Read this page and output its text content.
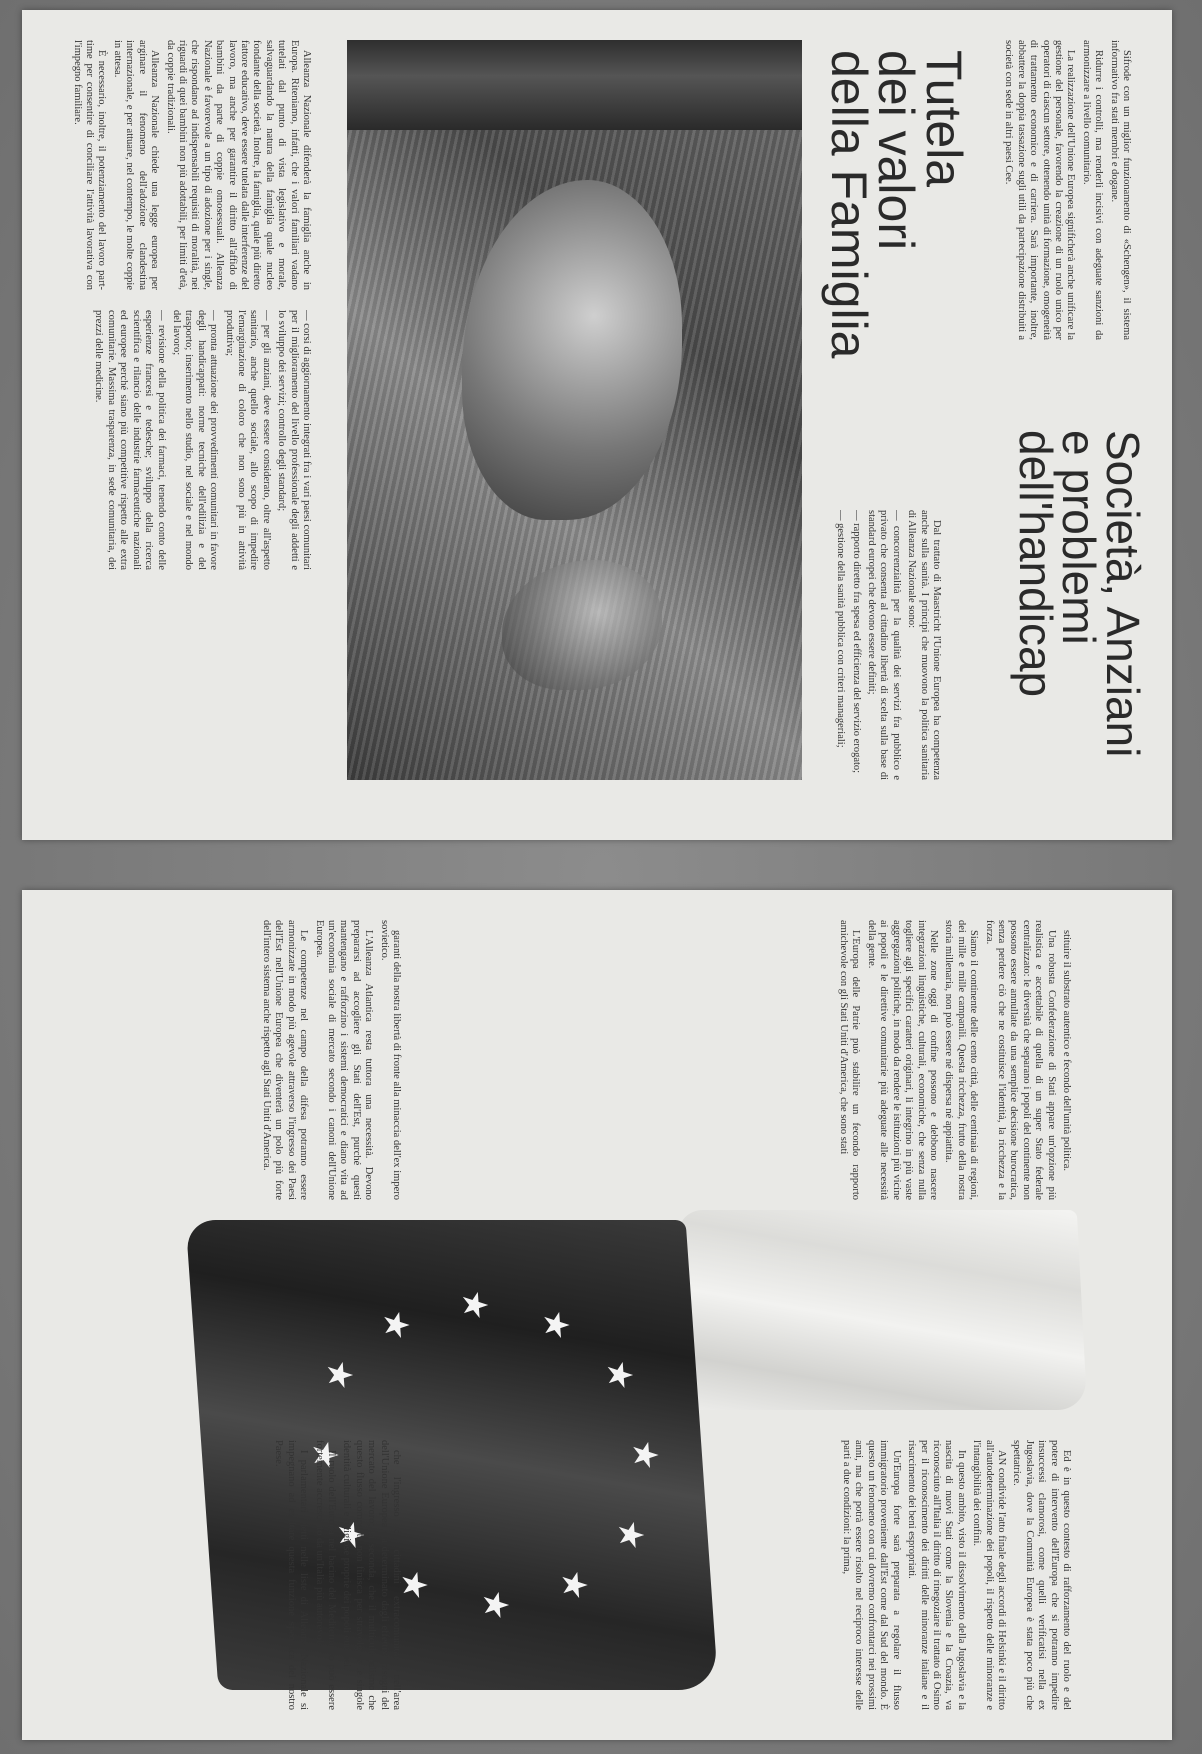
Sifrode con un miglior funzionamento di «Schengen», il sistema informativo fra stati membri e dogane.

Ridurre i controlli, ma renderli incisivi con adeguate sanzioni da armonizzare a livello comunitario.

La realizzazione dell'Unione Europea significherà anche unificare la gestione del personale, favorendo la creazione di un ruolo unico per operatori di ciascun settore, ottenendo unità di formazione, omogeneità di trattamento economico e di carriera. Sarà importante, inoltre, abbattere la doppia tassazione sugli utili da partecipazione distribuiti a società con sede in altri paesi Cee.

Tutela
dei valori
della Famiglia

Alleanza Nazionale difenderà la famiglia anche in Europa. Riteniamo, infatti, che i valori familiari vadano tutelati dal punto di vista legislativo e morale, salvaguardando la natura della famiglia quale nucleo fondante della società. Inoltre, la famiglia, quale più diretto fattore educativo, deve essere tutelata dalle interferenze del lavoro, ma anche per garantire il diritto all'affido di bambini da parte di coppie omosessuali. Alleanza Nazionale è favorevole a un tipo di adozione per i single, che rispondano ad indispensabili requisiti di moralità, nei riguardi di quei bambini non più adottabili, per limiti d'età, da coppie tradizionali.

Alleanza Nazionale chiede una legge europea per arginare il fenomeno dell'adozione clandestina internazionale, e per attuare, nel contempo, le molte coppie in attesa.

È necessario, inoltre, il potenziamento del lavoro part-time per consentire di conciliare l'attività lavorativa con l'impegno familiare.

Società, Anziani
e problemi
dell'handicap

Dal trattato di Maastricht l'Unione Europea ha competenza anche sulla sanità. I principi che muovono la politica sanitaria di Alleanza Nazionale sono:

— concorrenzialità per la qualità dei servizi fra pubblico e privato che consenta al cittadino libertà di scelta sulla base di standard europei che devono essere definiti;

— rapporto diretto fra spesa ed efficienza del servizio erogato;

— gestione della sanità pubblica con criteri manageriali;

— corsi di aggiornamento integrati fra i vari paesi comunitari per il miglioramento del livello professionale degli addetti e lo sviluppo dei servizi; controllo degli standard;

— per gli anziani, deve essere considerato, oltre all'aspetto sanitario, anche quello sociale, allo scopo di impedire l'emarginazione di coloro che non sono più in attività produttiva;

— pronta attuazione dei provvedimenti comunitari in favore degli handicappati: norme tecniche dell'edilizia e del trasporto; inserimento nello studio, nel sociale e nel mondo del lavoro;

— revisione della politica dei farmaci, tenendo conto delle esperienze francesi e tedesche; sviluppo della ricerca scientifica e rilancio delle industrie farmaceutiche nazionali ed europee perché siano più competitive rispetto alle extra comunitarie. Massima trasparenza, in sede comunitaria, dei prezzi delle medicine.

stituire il substrato autentico e fecondo dell'unità politica.

Una robusta Confederazione di Stati appare un'opzione più realistica e accettabile di quella di un super Stato federale centralizzato: le diversità che separano i popoli del continente non possono essere annullate da una semplice decisione burocratica, senza perdere ciò che ne costituisce l'identità, la ricchezza e la forza.

Siamo il continente delle cento città, delle centinaia di regioni, dei mille e mille campanili. Questa ricchezza, frutto della nostra storia millenaria, non può essere né dispersa né appiattita.

Nelle zone oggi di confine possono e debbono nascere integrazioni linguistiche, culturali, economiche, che senza nulla togliere agli specifici caratteri originari, li integrino in più vaste aggregazioni politiche, in modo da rendere le istituzioni più vicine ai popoli e le direttive comunitarie più adeguate alle necessità della gente.

L'Europa delle Patrie può stabilire un fecondo rapporto amichevole con gli Stati Uniti d'America, che sono stati

garanti della nostra libertà di fronte alla minaccia dell'ex impero sovietico.

L'Alleanza Atlantica resta tuttora una necessità. Devono prepararsi ad accogliere gli Stati dell'Est, purché questi mantengano e rafforzino i sistemi democratici e diano vita ad un'economia sociale di mercato secondo i canoni dell'Unione Europea.

Le competenze nel campo della difesa potranno essere armonizzate in modo più agevole attraverso l'ingresso dei Paesi dell'Est nell'Unione Europea che diventerà un polo più forte dell'intero sistema anche rispetto agli Stati Uniti d'America.

★
★
★
★
★
★
★
★
★
★
★
★

Ed è in questo contesto di rafforzamento del ruolo e del potere di intervento dell'Europa che si potranno impedire insuccessi clamorosi, come quelli verificatisi nella ex Jugoslavia, dove la Comunità Europea è stata poco più che spettatrice.

AN condivide l'atto finale degli accordi di Helsinki e il diritto all'autodeterminazione dei popoli, il rispetto delle minoranze e l'intangibilità dei confini.

In questo ambito, visto il dissolvimento della Jugoslavia e la nascita di nuovi Stati come la Slovenia e la Croazia, va riconosciuto all'Italia il diritto di rinegoziare il trattato di Osimo per il riconoscimento dei diritti delle minoranze italiane e il risarcimento dei beni espropriati.

Un'Europa forte sarà preparata a regolare il flusso immigratorio proveniente dall'Est come dal Sud del mondo. È questo un fenomeno con cui dovremo confrontarci nei prossimi anni, ma che potrà essere risolto nel reciproco interesse delle parti a due condizioni: la prima,

che l'ingresso di cittadini extracomunitari nell'area dell'Unione Europea sia determinato dagli effettivi bisogni del mercato del lavoro; la seconda, che il multiculturalismo che questo flusso comporta non finisca per stravolgere le singole identità culturali e religiose proprie dei popoli europei.

Il ruolo dell'Europa nel bacino del Mediterraneo può essere fortemente accresciuto da un'Italia più autorevole.

I parlamentari eletti nelle liste di Alleanza Nazionale si impegnano ad esaltare questa funzione specifica del nostro Paese.
